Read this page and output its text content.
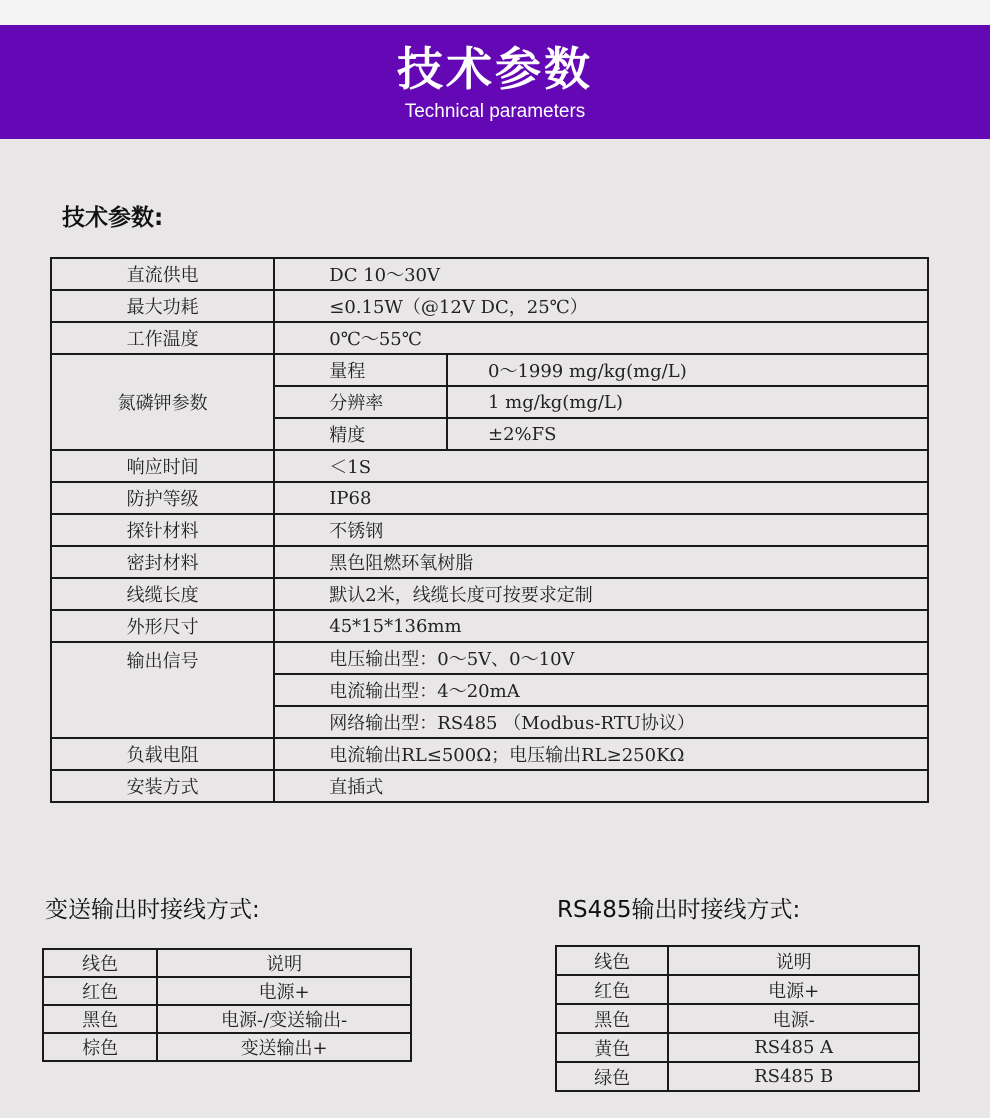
技术参数
Technical parameters
技术参数:
直流供电	DC 10～30V	
最大功耗	≤0.15W（@12V DC，25℃）	
工作温度	0℃～55℃	
氮磷钾参数	量程	0～1999 mg/kg(mg/L)
	分辨率	1 mg/kg(mg/L)
	精度	±2%FS
响应时间	＜1S	
防护等级	IP68	
探针材料	不锈钢	
密封材料	黑色阻燃环氧树脂	
线缆长度	默认2米，线缆长度可按要求定制	
外形尺寸	45*15*136mm	
输出信号	电压输出型：0～5V、0～10V	
	电流输出型：4～20mA	
	网络输出型：RS485 （Modbus-RTU协议）	
负载电阻	电流输出RL≤500Ω；电压输出RL≥250KΩ	
安装方式	直插式	
变送输出时接线方式:
线色	说明
红色	电源+
黑色	电源-/变送输出-
棕色	变送输出+
RS485输出时接线方式:
线色	说明
红色	电源+
黑色	电源-
黄色	RS485 A
绿色	RS485 B
